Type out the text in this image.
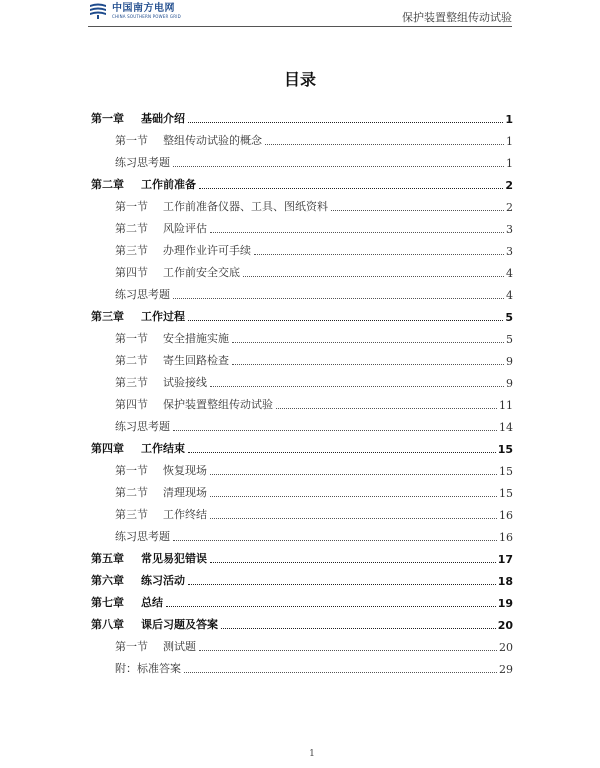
中国南方电网
CHINA SOUTHERN POWER GRID	保护装置整组传动试验
目录
第一章 基础介绍	1
第一节 整组传动试验的概念	1
练习思考题	1
第二章 工作前准备	2
第一节 工作前准备仪器、工具、图纸资料	2
第二节 风险评估	3
第三节 办理作业许可手续	3
第四节 工作前安全交底	4
练习思考题	4
第三章 工作过程	5
第一节 安全措施实施	5
第二节 寄生回路检查	9
第三节 试验接线	9
第四节 保护装置整组传动试验	11
练习思考题	14
第四章 工作结束	15
第一节 恢复现场	15
第二节 清理现场	15
第三节 工作终结	16
练习思考题	16
第五章 常见易犯错误	17
第六章 练习活动	18
第七章 总结	19
第八章 课后习题及答案	20
第一节 测试题	20
附：标准答案	29
1
